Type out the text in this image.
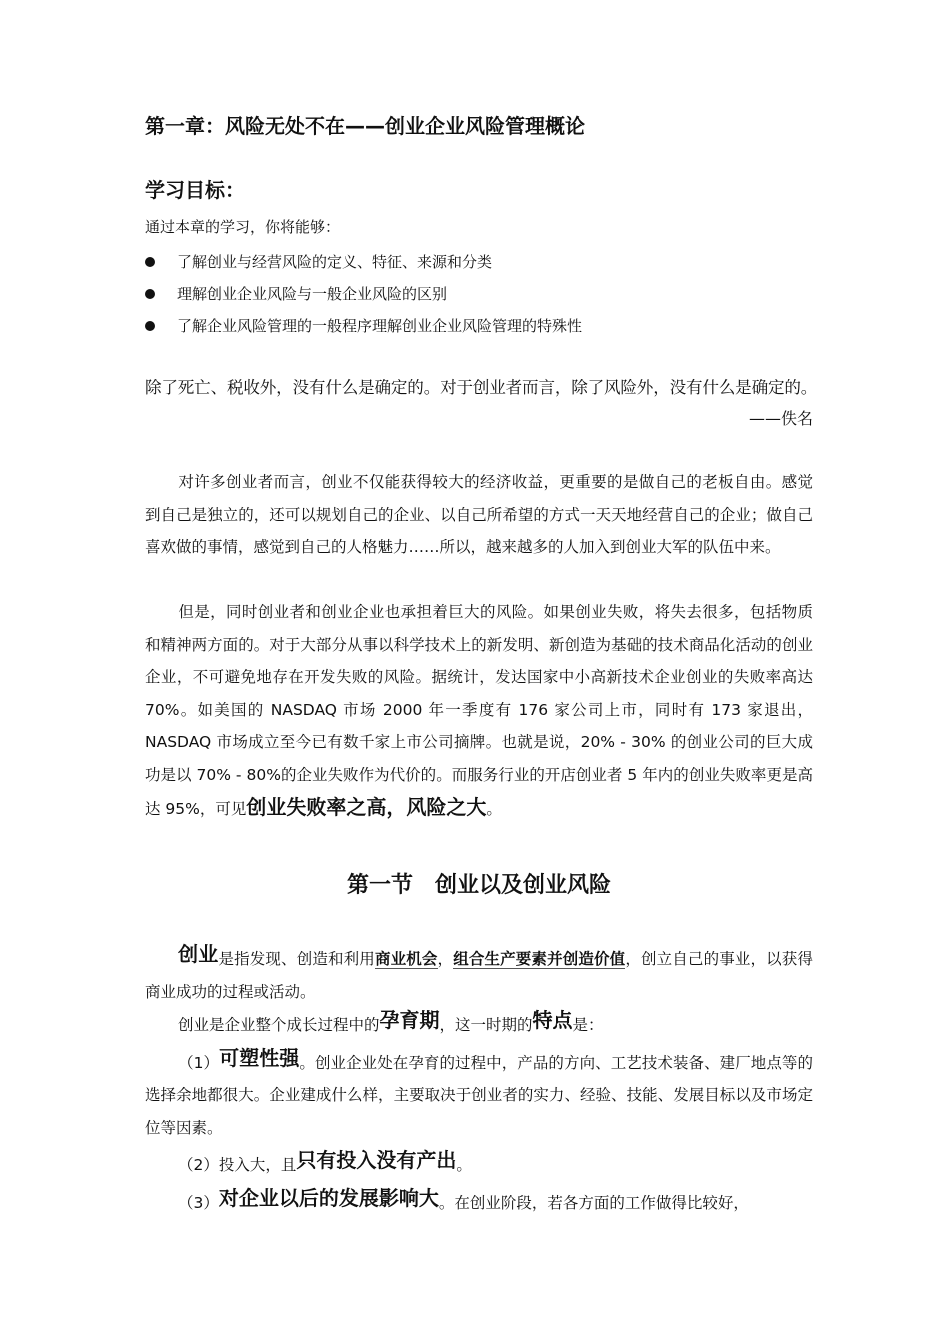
第一章：风险无处不在——创业企业风险管理概论
学习目标：

通过本章的学习，你将能够：

了解创业与经营风险的定义、特征、来源和分类
理解创业企业风险与一般企业风险的区别
了解企业风险管理的一般程序理解创业企业风险管理的特殊性

除了死亡、税收外，没有什么是确定的。对于创业者而言，除了风险外，没有什么是确定的。

——佚名

对许多创业者而言，创业不仅能获得较大的经济收益，更重要的是做自己的老板自由。感觉到自己是独立的，还可以规划自己的企业、以自己所希望的方式一天天地经营自己的企业；做自己喜欢做的事情，感觉到自己的人格魅力……所以，越来越多的人加入到创业大军的队伍中来。

但是，同时创业者和创业企业也承担着巨大的风险。如果创业失败，将失去很多，包括物质和精神两方面的。对于大部分从事以科学技术上的新发明、新创造为基础的技术商品化活动的创业企业，不可避免地存在开发失败的风险。据统计，发达国家中小高新技术企业创业的失败率高达 70%。如美国的 NASDAQ 市场 2000 年一季度有 176 家公司上市，同时有 173 家退出，NASDAQ 市场成立至今已有数千家上市公司摘牌。也就是说，20% - 30% 的创业公司的巨大成功是以 70% - 80%的企业失败作为代价的。而服务行业的开店创业者 5 年内的创业失败率更是高达 95%，可见创业失败率之高，风险之大。

第一节　创业以及创业风险

创业是指发现、创造和利用商业机会，组合生产要素并创造价值，创立自己的事业，以获得商业成功的过程或活动。

创业是企业整个成长过程中的孕育期，这一时期的特点是：
（1）可塑性强。创业企业处在孕育的过程中，产品的方向、工艺技术装备、建厂地点等的选择余地都很大。企业建成什么样，主要取决于创业者的实力、经验、技能、发展目标以及市场定位等因素。
（2）投入大，且只有投入没有产出。
（3）对企业以后的发展影响大。在创业阶段，若各方面的工作做得比较好，
